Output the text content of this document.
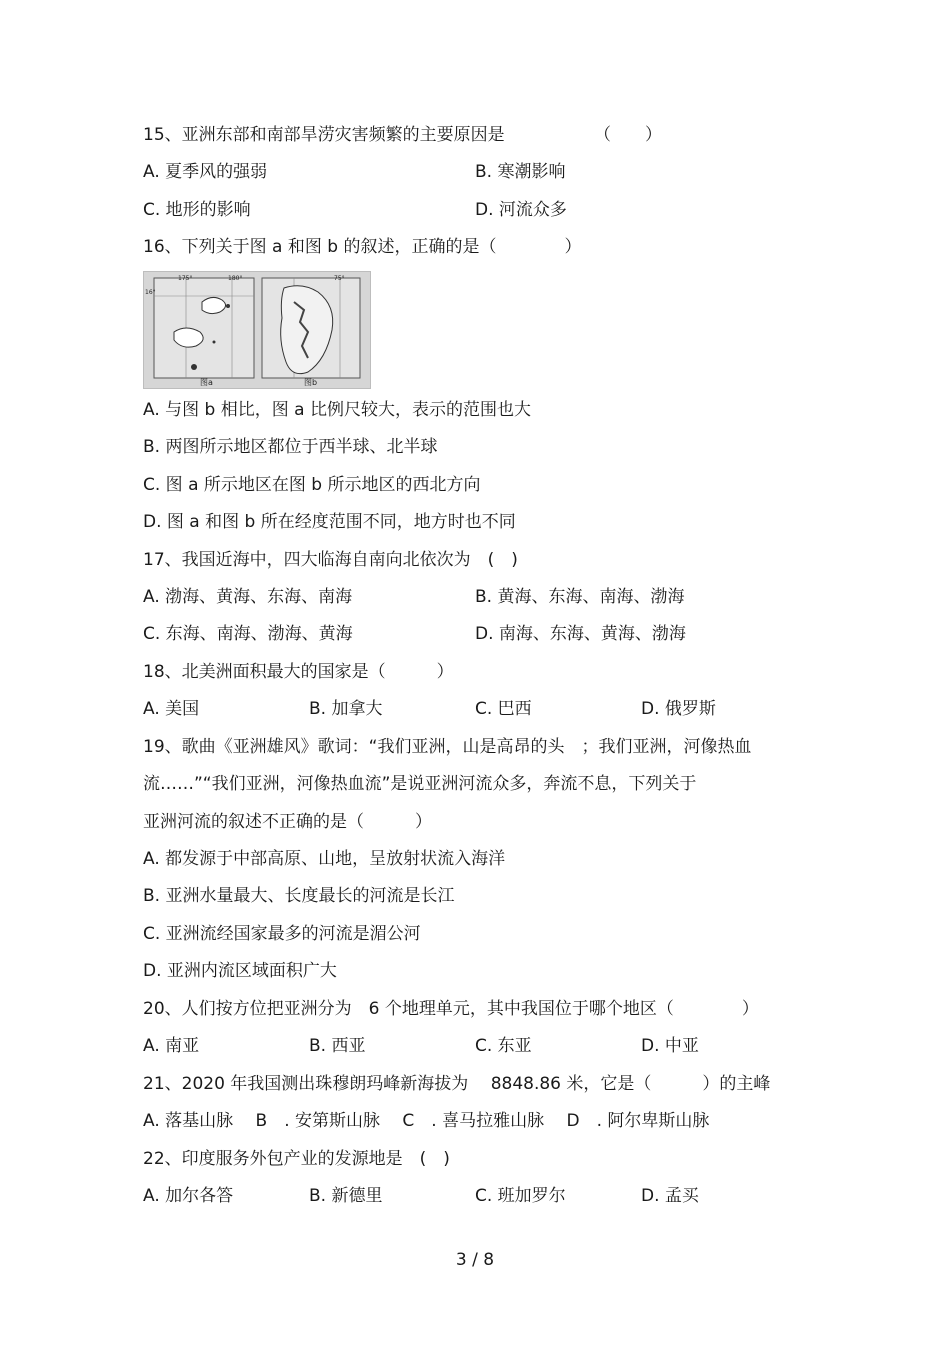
15、亚洲东部和南部旱涝灾害频繁的主要原因是	（　　）
A. 夏季风的强弱	B. 寒潮影响
C. 地形的影响	D. 河流众多
16、下列关于图 a 和图 b 的叙述，正确的是（　　　　）
图a	图b
175°	180°	75°
16°
A. 与图 b 相比，图 a 比例尺较大，表示的范围也大
B. 两图所示地区都位于西半球、北半球
C. 图 a 所示地区在图 b 所示地区的西北方向
D. 图 a 和图 b 所在经度范围不同，地方时也不同
17、我国近海中，四大临海自南向北依次为　(　)
A. 渤海、黄海、东海、南海	B. 黄海、东海、南海、渤海
C. 东海、南海、渤海、黄海	D. 南海、东海、黄海、渤海
18、北美洲面积最大的国家是（　　　）
A. 美国	B. 加拿大	C. 巴西	D. 俄罗斯
19、歌曲《亚洲雄风》歌词：“我们亚洲，山是高昂的头　；我们亚洲，河像热血
流……”“我们亚洲，河像热血流”是说亚洲河流众多，奔流不息，下列关于
亚洲河流的叙述不正确的是（　　　）
A. 都发源于中部高原、山地，呈放射状流入海洋
B. 亚洲水量最大、长度最长的河流是长江
C. 亚洲流经国家最多的河流是湄公河
D. 亚洲内流区域面积广大
20、人们按方位把亚洲分为　6 个地理单元，其中我国位于哪个地区（　　　　）
A. 南亚	B. 西亚	C. 东亚	D. 中亚
21、2020 年我国测出珠穆朗玛峰新海拔为　 8848.86 米，它是（　　　）的主峰
A. 落基山脉　 B　. 安第斯山脉　 C　. 喜马拉雅山脉　 D　. 阿尔卑斯山脉
22、印度服务外包产业的发源地是　(　)
A. 加尔各答	B. 新德里	C. 班加罗尔	D. 孟买
3 / 8
